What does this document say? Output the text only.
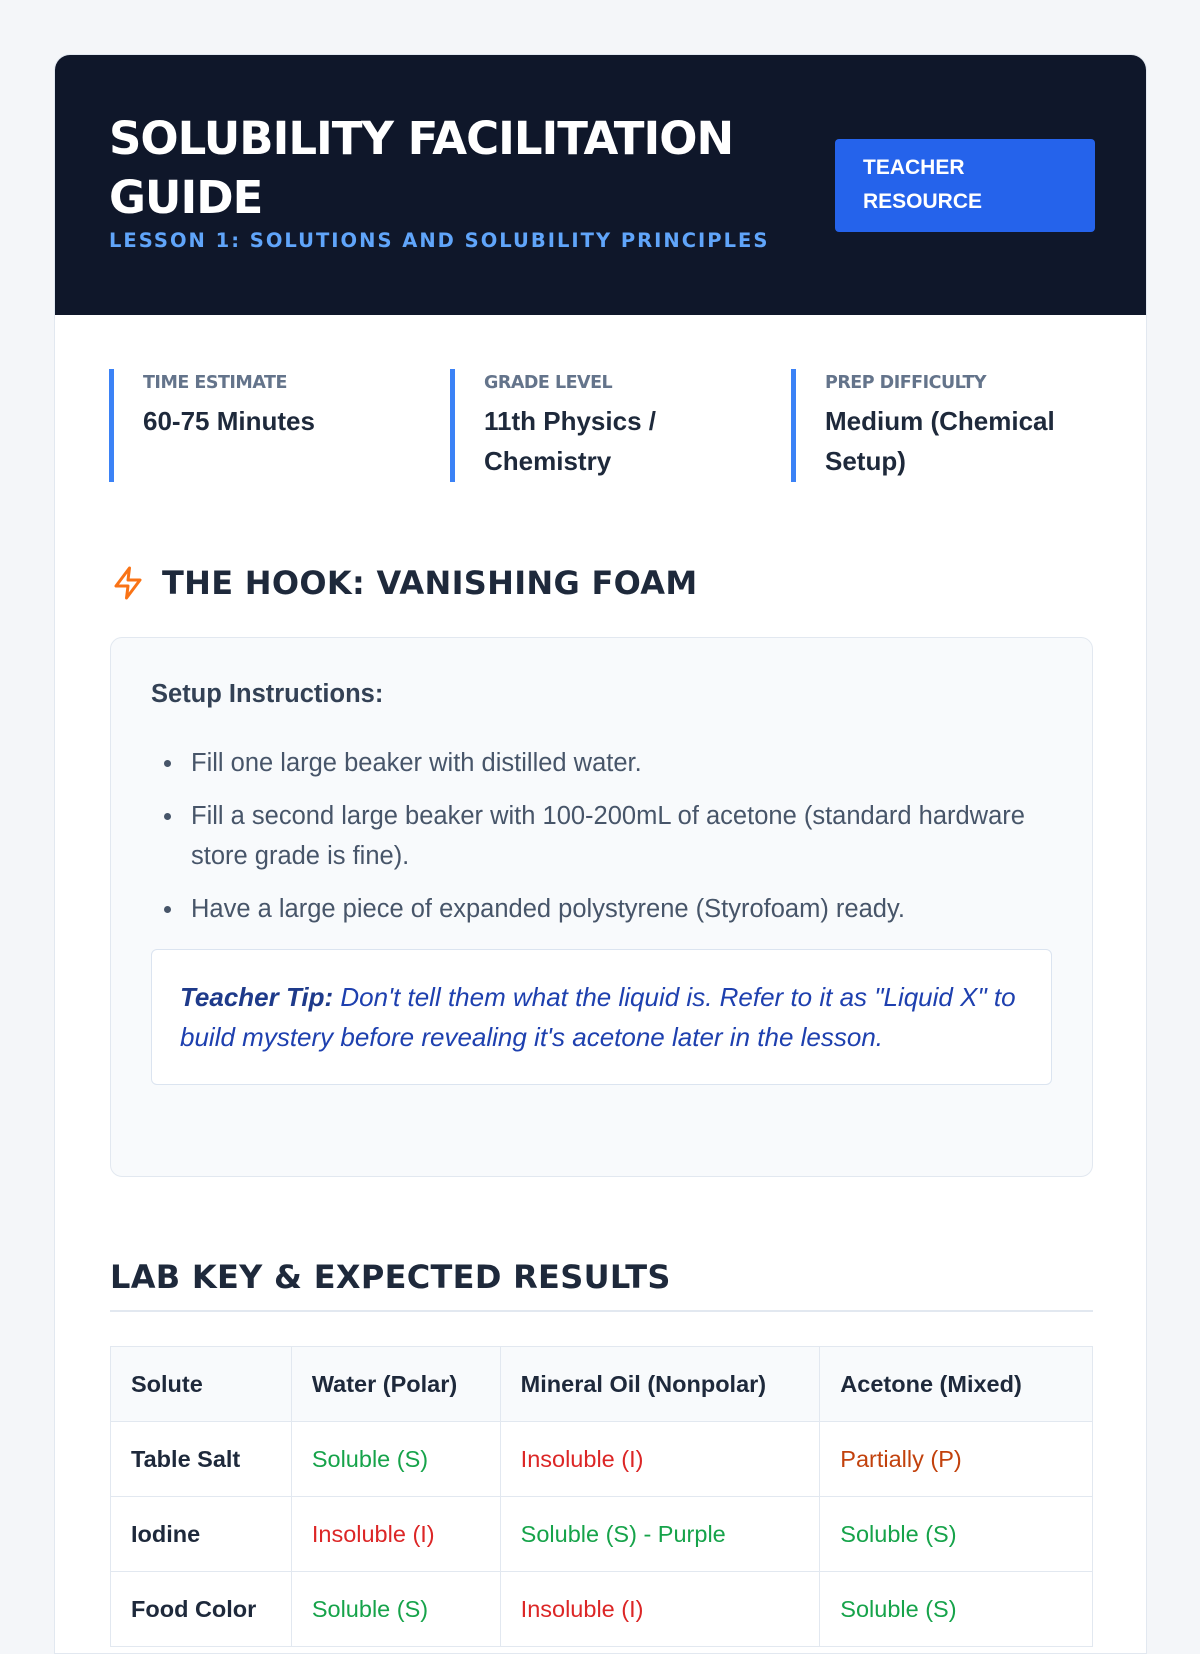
SOLUBILITY FACILITATION GUIDE
LESSON 1: SOLUTIONS AND SOLUBILITY PRINCIPLES
TEACHER RESOURCE
TIME ESTIMATE
60-75 Minutes
GRADE LEVEL
11th Physics / Chemistry
PREP DIFFICULTY
Medium (Chemical Setup)
THE HOOK: VANISHING FOAM
Setup Instructions:
Fill one large beaker with distilled water.
Fill a second large beaker with 100-200mL of acetone (standard hardware store grade is fine).
Have a large piece of expanded polystyrene (Styrofoam) ready.
Teacher Tip: Don't tell them what the liquid is. Refer to it as "Liquid X" to build mystery before revealing it's acetone later in the lesson.
LAB KEY & EXPECTED RESULTS
Solute	Water (Polar)	Mineral Oil (Nonpolar)	Acetone (Mixed)
Table Salt	Soluble (S)	Insoluble (I)	Partially (P)
Iodine	Insoluble (I)	Soluble (S) - Purple	Soluble (S)
Food Color	Soluble (S)	Insoluble (I)	Soluble (S)
